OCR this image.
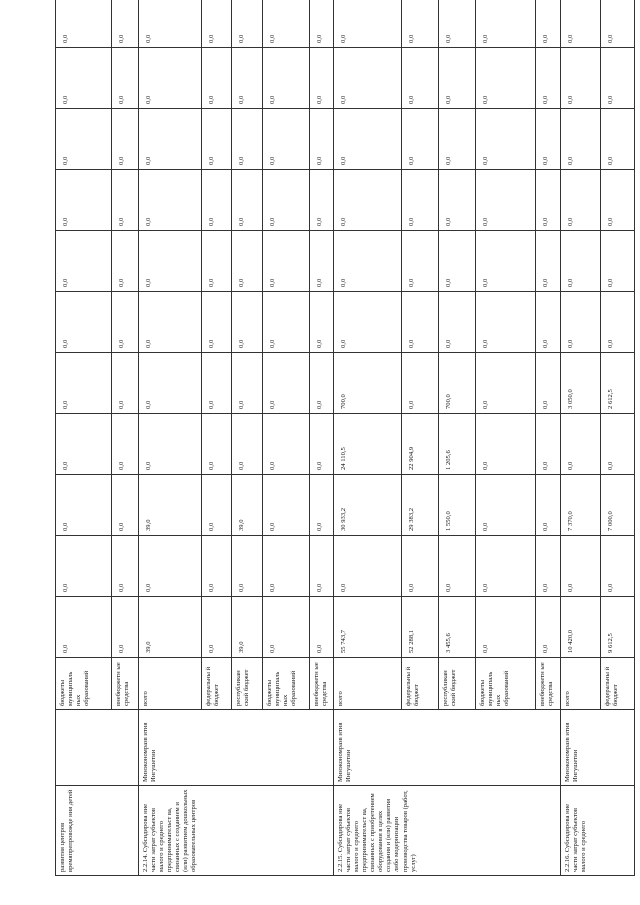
развития центров времяпрепровожде ния детей		бюджеты муниципаль ных образований	0,0	0,0	0,0	0,0	0,0	0,0	0,0	0,0	0,0	0,0	0,0	
		внебюджетн ые средства	0,0	0,0	0,0	0,0	0,0	0,0	0,0	0,0	0,0	0,0	0,0	
2.2.14. Субсидирова ние части затрат субъектов малого и среднего предпринимательст ва, связанных с созданием и (или) развитием дошкольных образовательных центров	Минэкономразв ития Ингушетии	всего	39,0	0,0	39,0	0,0	0,0	0,0	0,0	0,0	0,0	0,0	0,0	
		федеральны й бюджет	0,0	0,0	0,0	0,0	0,0	0,0	0,0	0,0	0,0	0,0	0,0	
		республикан ский бюджет	39,0	0,0	39,0	0,0	0,0	0,0	0,0	0,0	0,0	0,0	0,0	
		бюджеты муниципаль ных образований	0,0	0,0	0,0	0,0	0,0	0,0	0,0	0,0	0,0	0,0	0,0	
		внебюджетн ые средства	0,0	0,0	0,0	0,0	0,0	0,0	0,0	0,0	0,0	0,0	0,0	
2.2.15. Субсидирова ние части затрат субъектов малого и среднего предпринимательст ва, связанных с приобретением оборудования в целях создания и (или) развития либо модернизации производства товаров (работ, услуг)	Минэкономразв ития Ингушетии	всего	55 743,7	0,0	30 933,2	24 110,5	700,0	0,0	0,0	0,0	0,0	0,0	0,0	
		федеральны й бюджет	52 288,1	0,0	29 383,2	22 904,9	0,0	0,0	0,0	0,0	0,0	0,0	0,0	
		республикан ский бюджет	3 455,6	0,0	1 550,0	1 205,6	700,0	0,0	0,0	0,0	0,0	0,0	0,0	
		бюджеты муниципаль ных образований	0,0	0,0	0,0	0,0	0,0	0,0	0,0	0,0	0,0	0,0	0,0	
		внебюджетн ые средства	0,0	0,0	0,0	0,0	0,0	0,0	0,0	0,0	0,0	0,0	0,0	
2.2.16. Субсидирова ние части затрат субъектов малого и среднего	Минэкономразв ития Ингушетии	всего	10 420,0	0,0	7 370,0	0,0	3 050,0	0,0	0,0	0,0	0,0	0,0	0,0	
		федеральны й бюджет	9 612,5	0,0	7 000,0	0,0	2 612,5	0,0	0,0	0,0	0,0	0,0	0,0	
